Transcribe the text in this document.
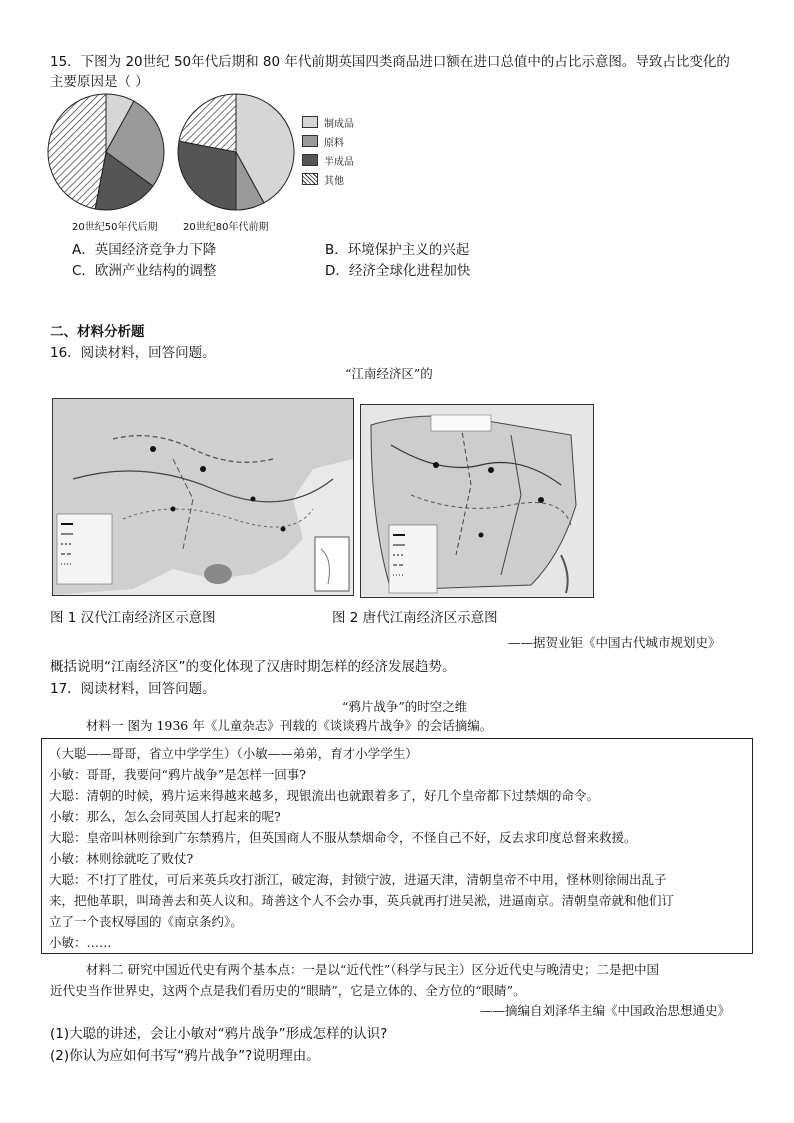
15．下图为 20世纪 50年代后期和 80 年代前期英国四类商品进口额在进口总值中的占比示意图。导致占比变化的
主要原因是（ ）
制成品
原料
半成品
其他
20世纪50年代后期	20世纪80年代前期
A．英国经济竞争力下降	B．环境保护主义的兴起
C．欧洲产业结构的调整	D．经济全球化进程加快
二、材料分析题
16．阅读材料，回答问题。
“江南经济区”的
图 1 汉代江南经济区示意图	图 2 唐代江南经济区示意图
——据贺业钜《中国古代城市规划史》
概括说明“江南经济区”的变化体现了汉唐时期怎样的经济发展趋势。
17．阅读材料，回答问题。
“鸦片战争”的时空之维
材料一 图为 1936 年《儿童杂志》刊载的《谈谈鸦片战争》的会话摘编。
（大聪——哥哥，省立中学学生）（小敏——弟弟，育才小学学生）
小敏：哥哥，我要问“鸦片战争”是怎样一回事?
大聪：清朝的时候，鸦片运来得越来越多，现银流出也就跟着多了，好几个皇帝都下过禁烟的命令。
小敏：那么，怎么会同英国人打起来的呢?
大聪：皇帝叫林则徐到广东禁鸦片，但英国商人不服从禁烟命令，不怪自己不好，反去求印度总督来救援。
小敏：林则徐就吃了败仗?
大聪：不!打了胜仗，可后来英兵攻打浙江，破定海，封锁宁波，进逼天津，清朝皇帝不中用，怪林则徐闹出乱子
来，把他革职，叫琦善去和英人议和。琦善这个人不会办事，英兵就再打进吴淞，进逼南京。清朝皇帝就和他们订
立了一个丧权辱国的《南京条约》。
小敏：……
材料二 研究中国近代史有两个基本点：一是以“近代性”（科学与民主）区分近代史与晚清史；二是把中国
近代史当作世界史，这两个点是我们看历史的“眼睛”，它是立体的、全方位的“眼睛”。
——摘编自刘泽华主编《中国政治思想通史》
(1)大聪的讲述，会让小敏对“鸦片战争”形成怎样的认识?
(2)你认为应如何书写“鸦片战争”?说明理由。
